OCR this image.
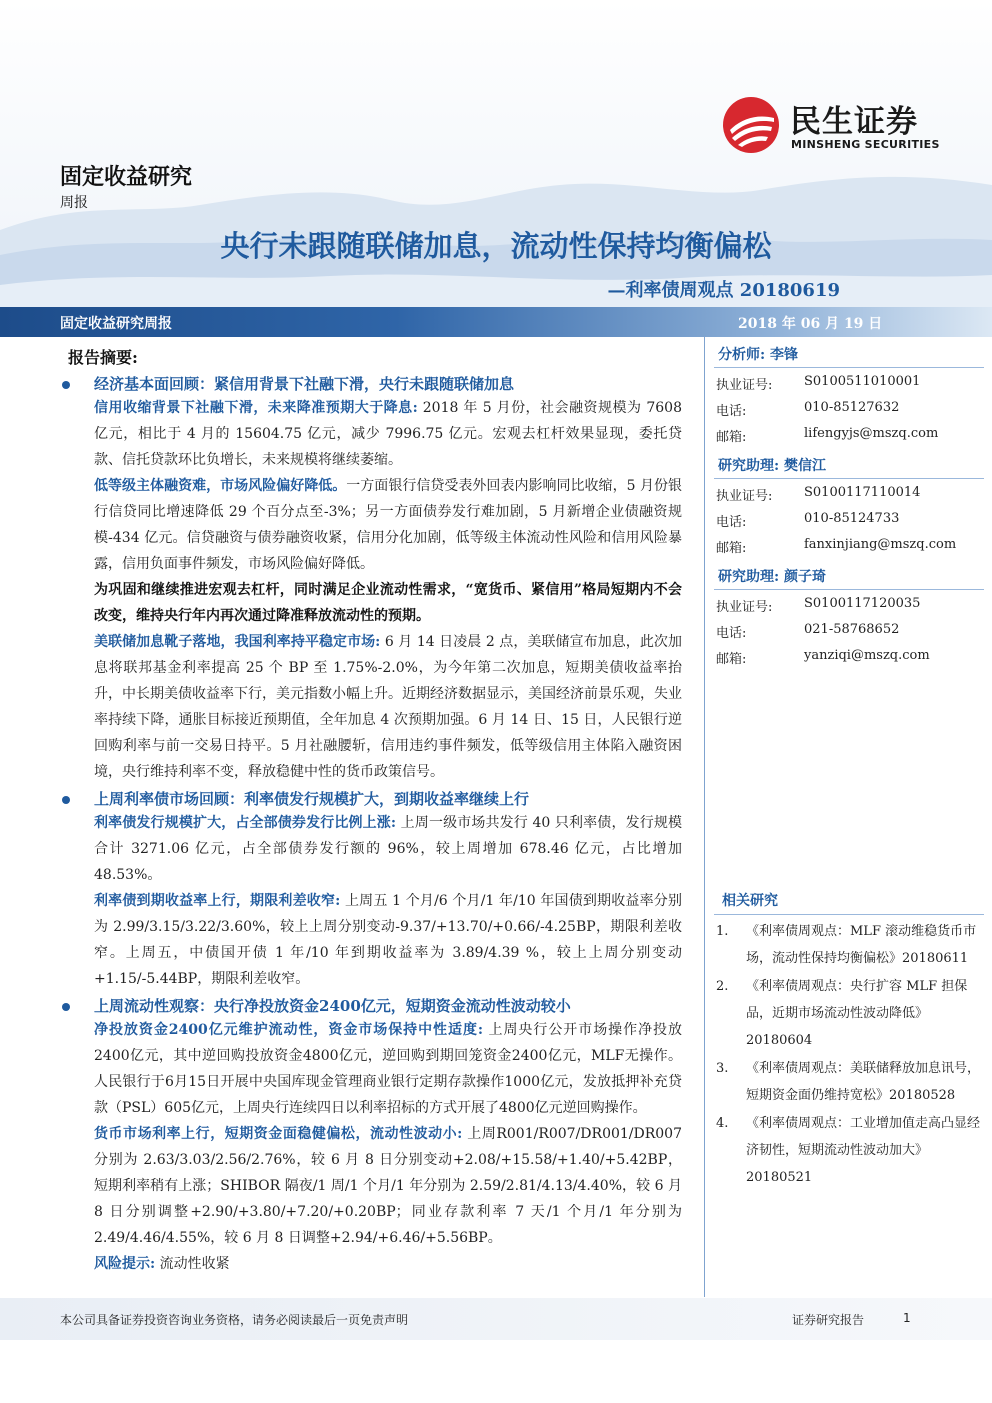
民生证券
MINSHENG SECURITIES
固定收益研究
周报
央行未跟随联储加息，流动性保持均衡偏松
—利率债周观点 20180619
固定收益研究周报	2018 年 06 月 19 日
报告摘要:
经济基本面回顾：紧信用背景下社融下滑，央行未跟随联储加息

信用收缩背景下社融下滑，未来降准预期大于降息: 2018 年 5 月份，社会融资规模为 7608 亿元，相比于 4 月的 15604.75 亿元，减少 7996.75 亿元。宏观去杠杆效果显现，委托贷款、信托贷款环比负增长，未来规模将继续萎缩。

低等级主体融资难，市场风险偏好降低。一方面银行信贷受表外回表内影响同比收缩，5 月份银行信贷同比增速降低 29 个百分点至-3%；另一方面债券发行难加剧，5 月新增企业债融资规模-434 亿元。信贷融资与债券融资收紧，信用分化加剧，低等级主体流动性风险和信用风险暴露，信用负面事件频发，市场风险偏好降低。

为巩固和继续推进宏观去杠杆，同时满足企业流动性需求，“宽货币、紧信用”格局短期内不会改变，维持央行年内再次通过降准释放流动性的预期。

美联储加息靴子落地，我国利率持平稳定市场: 6 月 14 日凌晨 2 点，美联储宣布加息，此次加息将联邦基金利率提高 25 个 BP 至 1.75%-2.0%，为今年第二次加息，短期美债收益率抬升，中长期美债收益率下行，美元指数小幅上升。近期经济数据显示，美国经济前景乐观，失业率持续下降，通胀目标接近预期值，全年加息 4 次预期加强。6 月 14 日、15 日，人民银行逆回购利率与前一交易日持平。5 月社融腰斩，信用违约事件频发，低等级信用主体陷入融资困境，央行维持利率不变，释放稳健中性的货币政策信号。

上周利率债市场回顾：利率债发行规模扩大，到期收益率继续上行

利率债发行规模扩大，占全部债券发行比例上涨: 上周一级市场共发行 40 只利率债，发行规模合计 3271.06 亿元，占全部债券发行额的 96%，较上周增加 678.46 亿元，占比增加 48.53%。

利率债到期收益率上行，期限利差收窄: 上周五 1 个月/6 个月/1 年/10 年国债到期收益率分别为 2.99/3.15/3.22/3.60%，较上上周分别变动-9.37/+13.70/+0.66/-4.25BP，期限利差收窄。上周五，中债国开债 1 年/10 年到期收益率为 3.89/4.39 %，较上上周分别变动+1.15/-5.44BP，期限利差收窄。

上周流动性观察：央行净投放资金2400亿元，短期资金流动性波动较小

净投放资金2400亿元维护流动性，资金市场保持中性适度: 上周央行公开市场操作净投放2400亿元，其中逆回购投放资金4800亿元，逆回购到期回笼资金2400亿元，MLF无操作。人民银行于6月15日开展中央国库现金管理商业银行定期存款操作1000亿元，发放抵押补充贷款（PSL）605亿元，上周央行连续四日以利率招标的方式开展了4800亿元逆回购操作。

货币市场利率上行，短期资金面稳健偏松，流动性波动小: 上周R001/R007/DR001/DR007 分别为 2.63/3.03/2.56/2.76%，较 6 月 8 日分别变动+2.08/+15.58/+1.40/+5.42BP，短期利率稍有上涨；SHIBOR 隔夜/1 周/1 个月/1 年分别为 2.59/2.81/4.13/4.40%，较 6 月 8 日分别调整+2.90/+3.80/+7.20/+0.20BP；同业存款利率 7 天/1 个月/1 年分别为 2.49/4.46/4.55%，较 6 月 8 日调整+2.94/+6.46/+5.56BP。

风险提示: 流动性收紧

分析师: 李锋
执业证号: S0100511010001
电话:	010-85127632
邮箱:	lifengyjs@mszq.com
研究助理: 樊信江
执业证号: S0100117110014
电话:	010-85124733
邮箱:	fanxinjiang@mszq.com
研究助理: 颜子琦
执业证号: S0100117120035
电话:	021-58768652
邮箱:	yanziqi@mszq.com
相关研究
1. 《利率债周观点：MLF 滚动维稳货币市场，流动性保持均衡偏松》20180611
2. 《利率债周观点：央行扩容 MLF 担保品，近期市场流动性波动降低》20180604
3. 《利率债周观点：美联储释放加息讯号，短期资金面仍维持宽松》20180528
4. 《利率债周观点：工业增加值走高凸显经济韧性，短期流动性波动加大》20180521
本公司具备证券投资咨询业务资格，请务必阅读最后一页免责声明	证券研究报告	1
